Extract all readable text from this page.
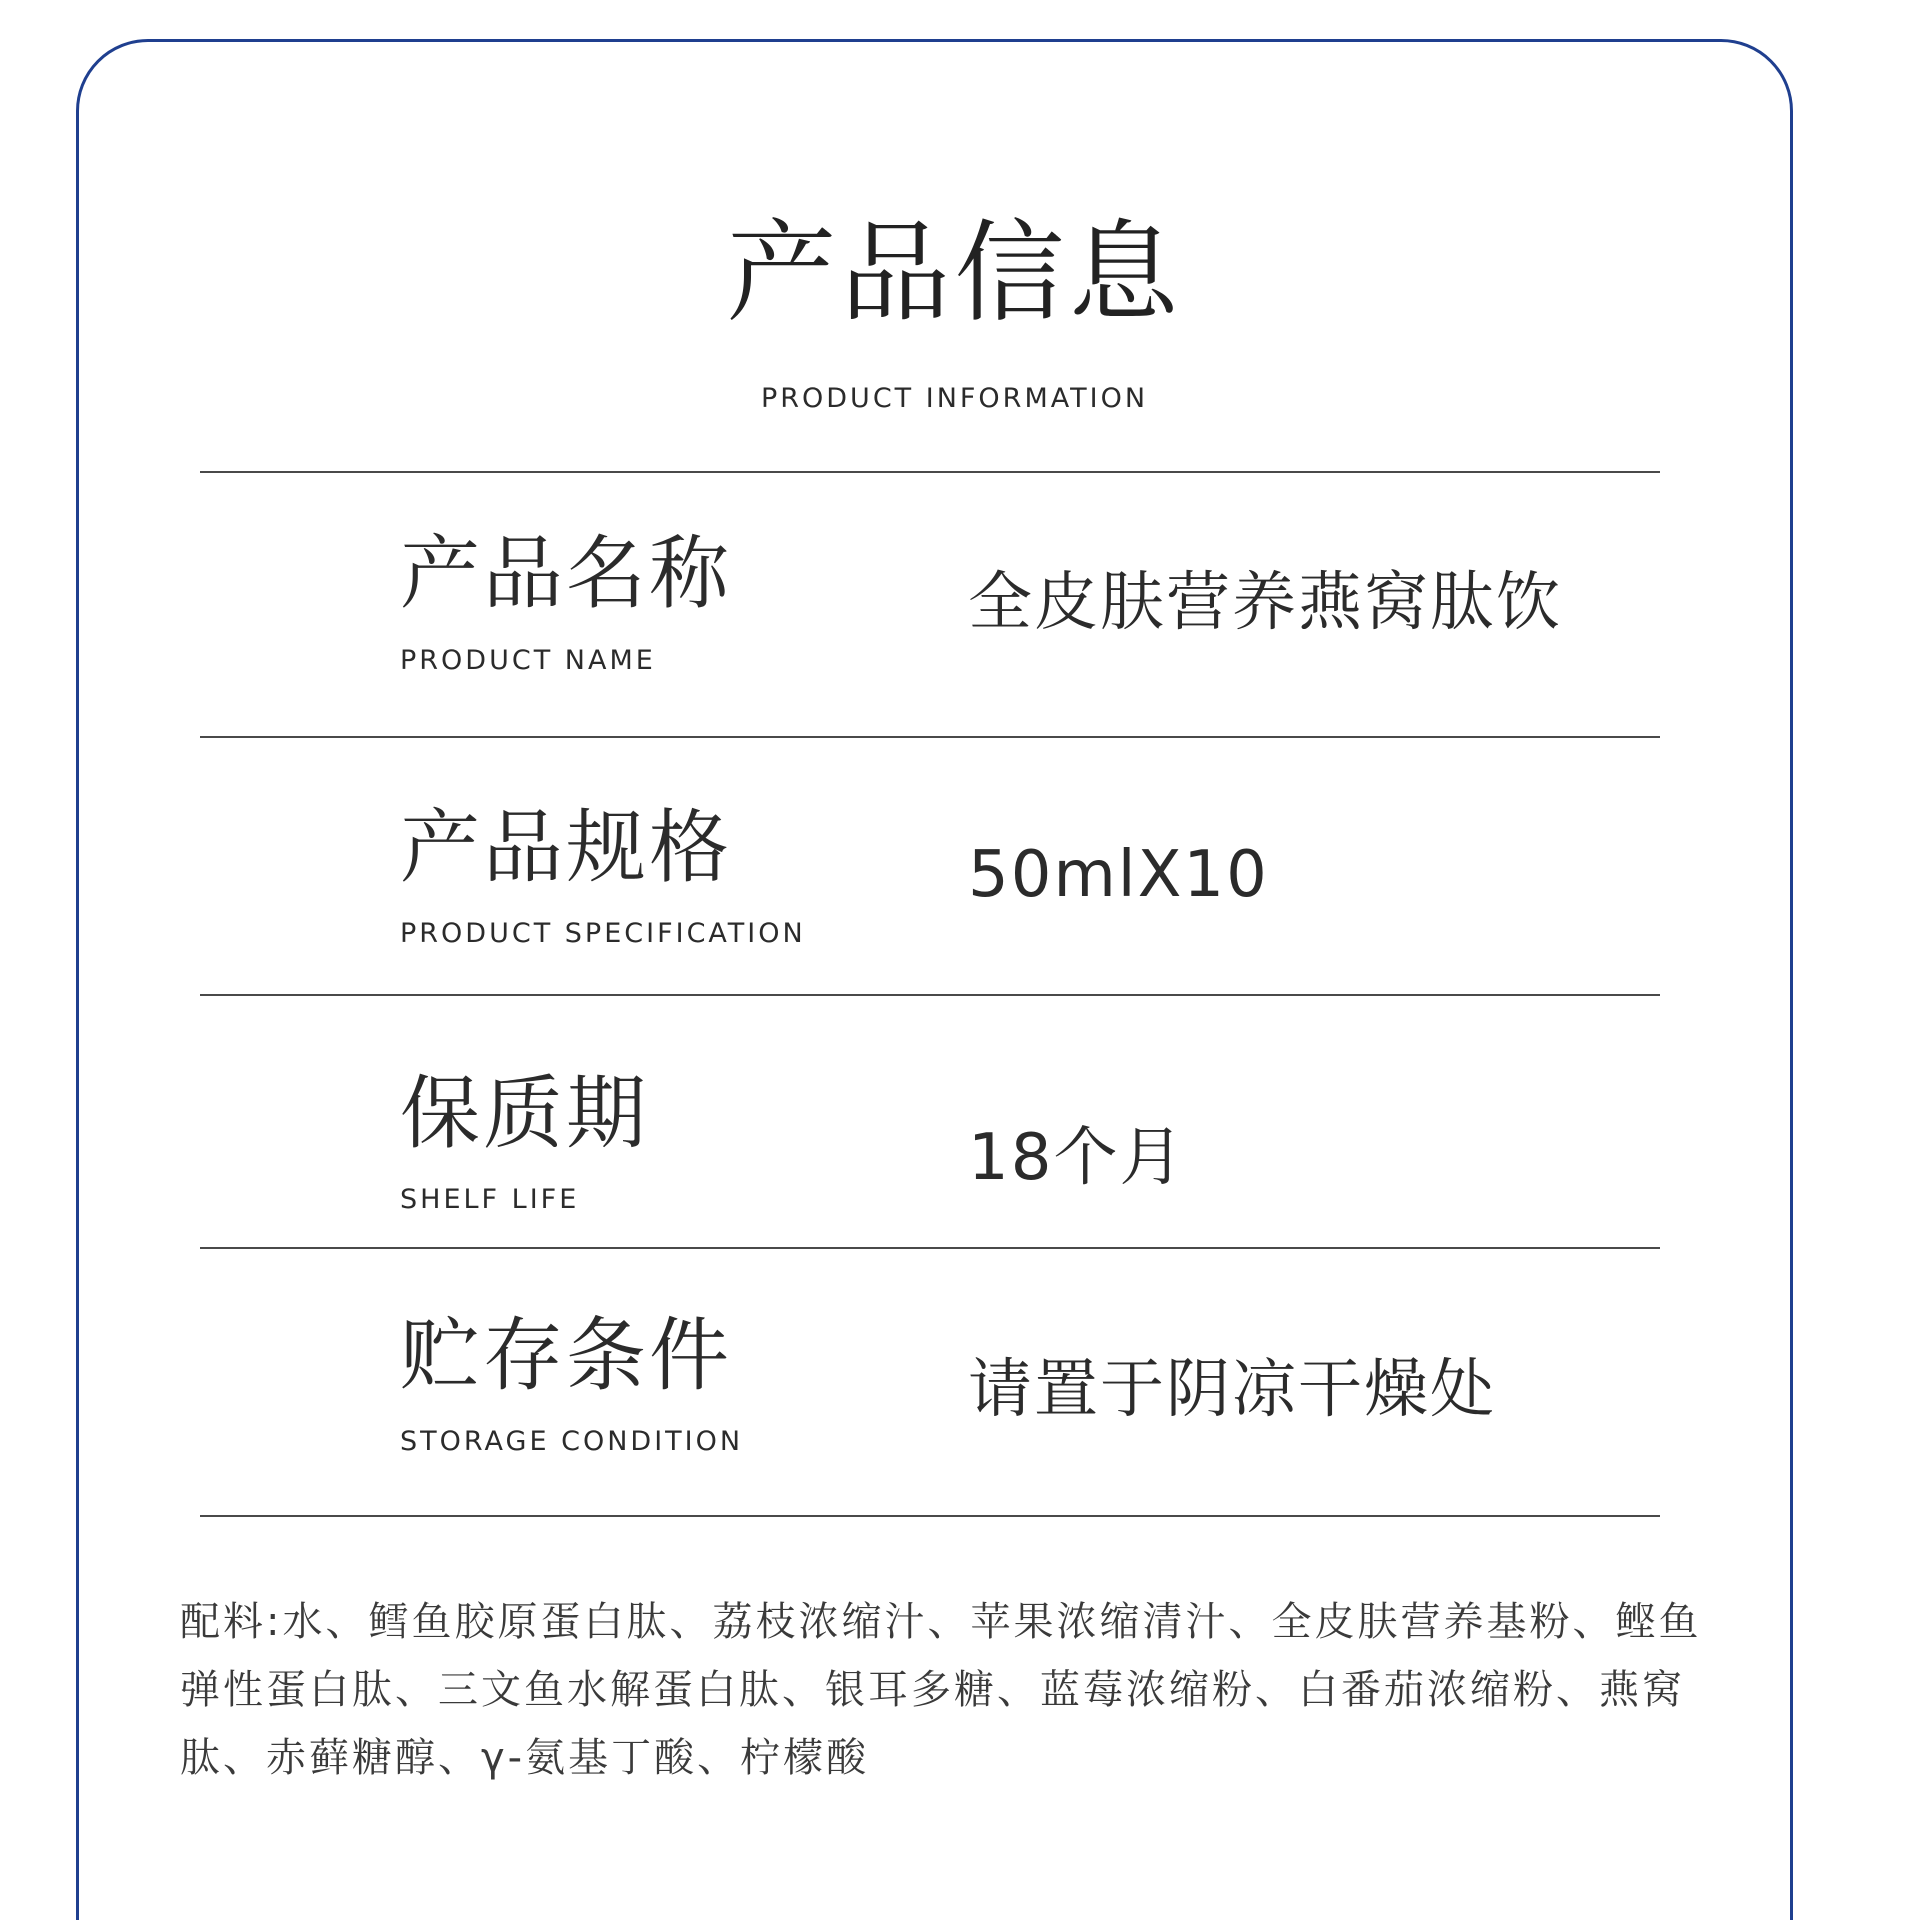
产品信息
PRODUCT INFORMATION
产品名称
PRODUCT NAME
全皮肤营养燕窝肽饮
产品规格
PRODUCT SPECIFICATION
50mlX10
保质期
SHELF LIFE
18个月
贮存条件
STORAGE CONDITION
请置于阴凉干燥处
配料:水、鳕鱼胶原蛋白肽、荔枝浓缩汁、苹果浓缩清汁、全皮肤营养基粉、鲣鱼弹性蛋白肽、三文鱼水解蛋白肽、银耳多糖、蓝莓浓缩粉、白番茄浓缩粉、燕窝肽、赤藓糖醇、γ-氨基丁酸、柠檬酸
